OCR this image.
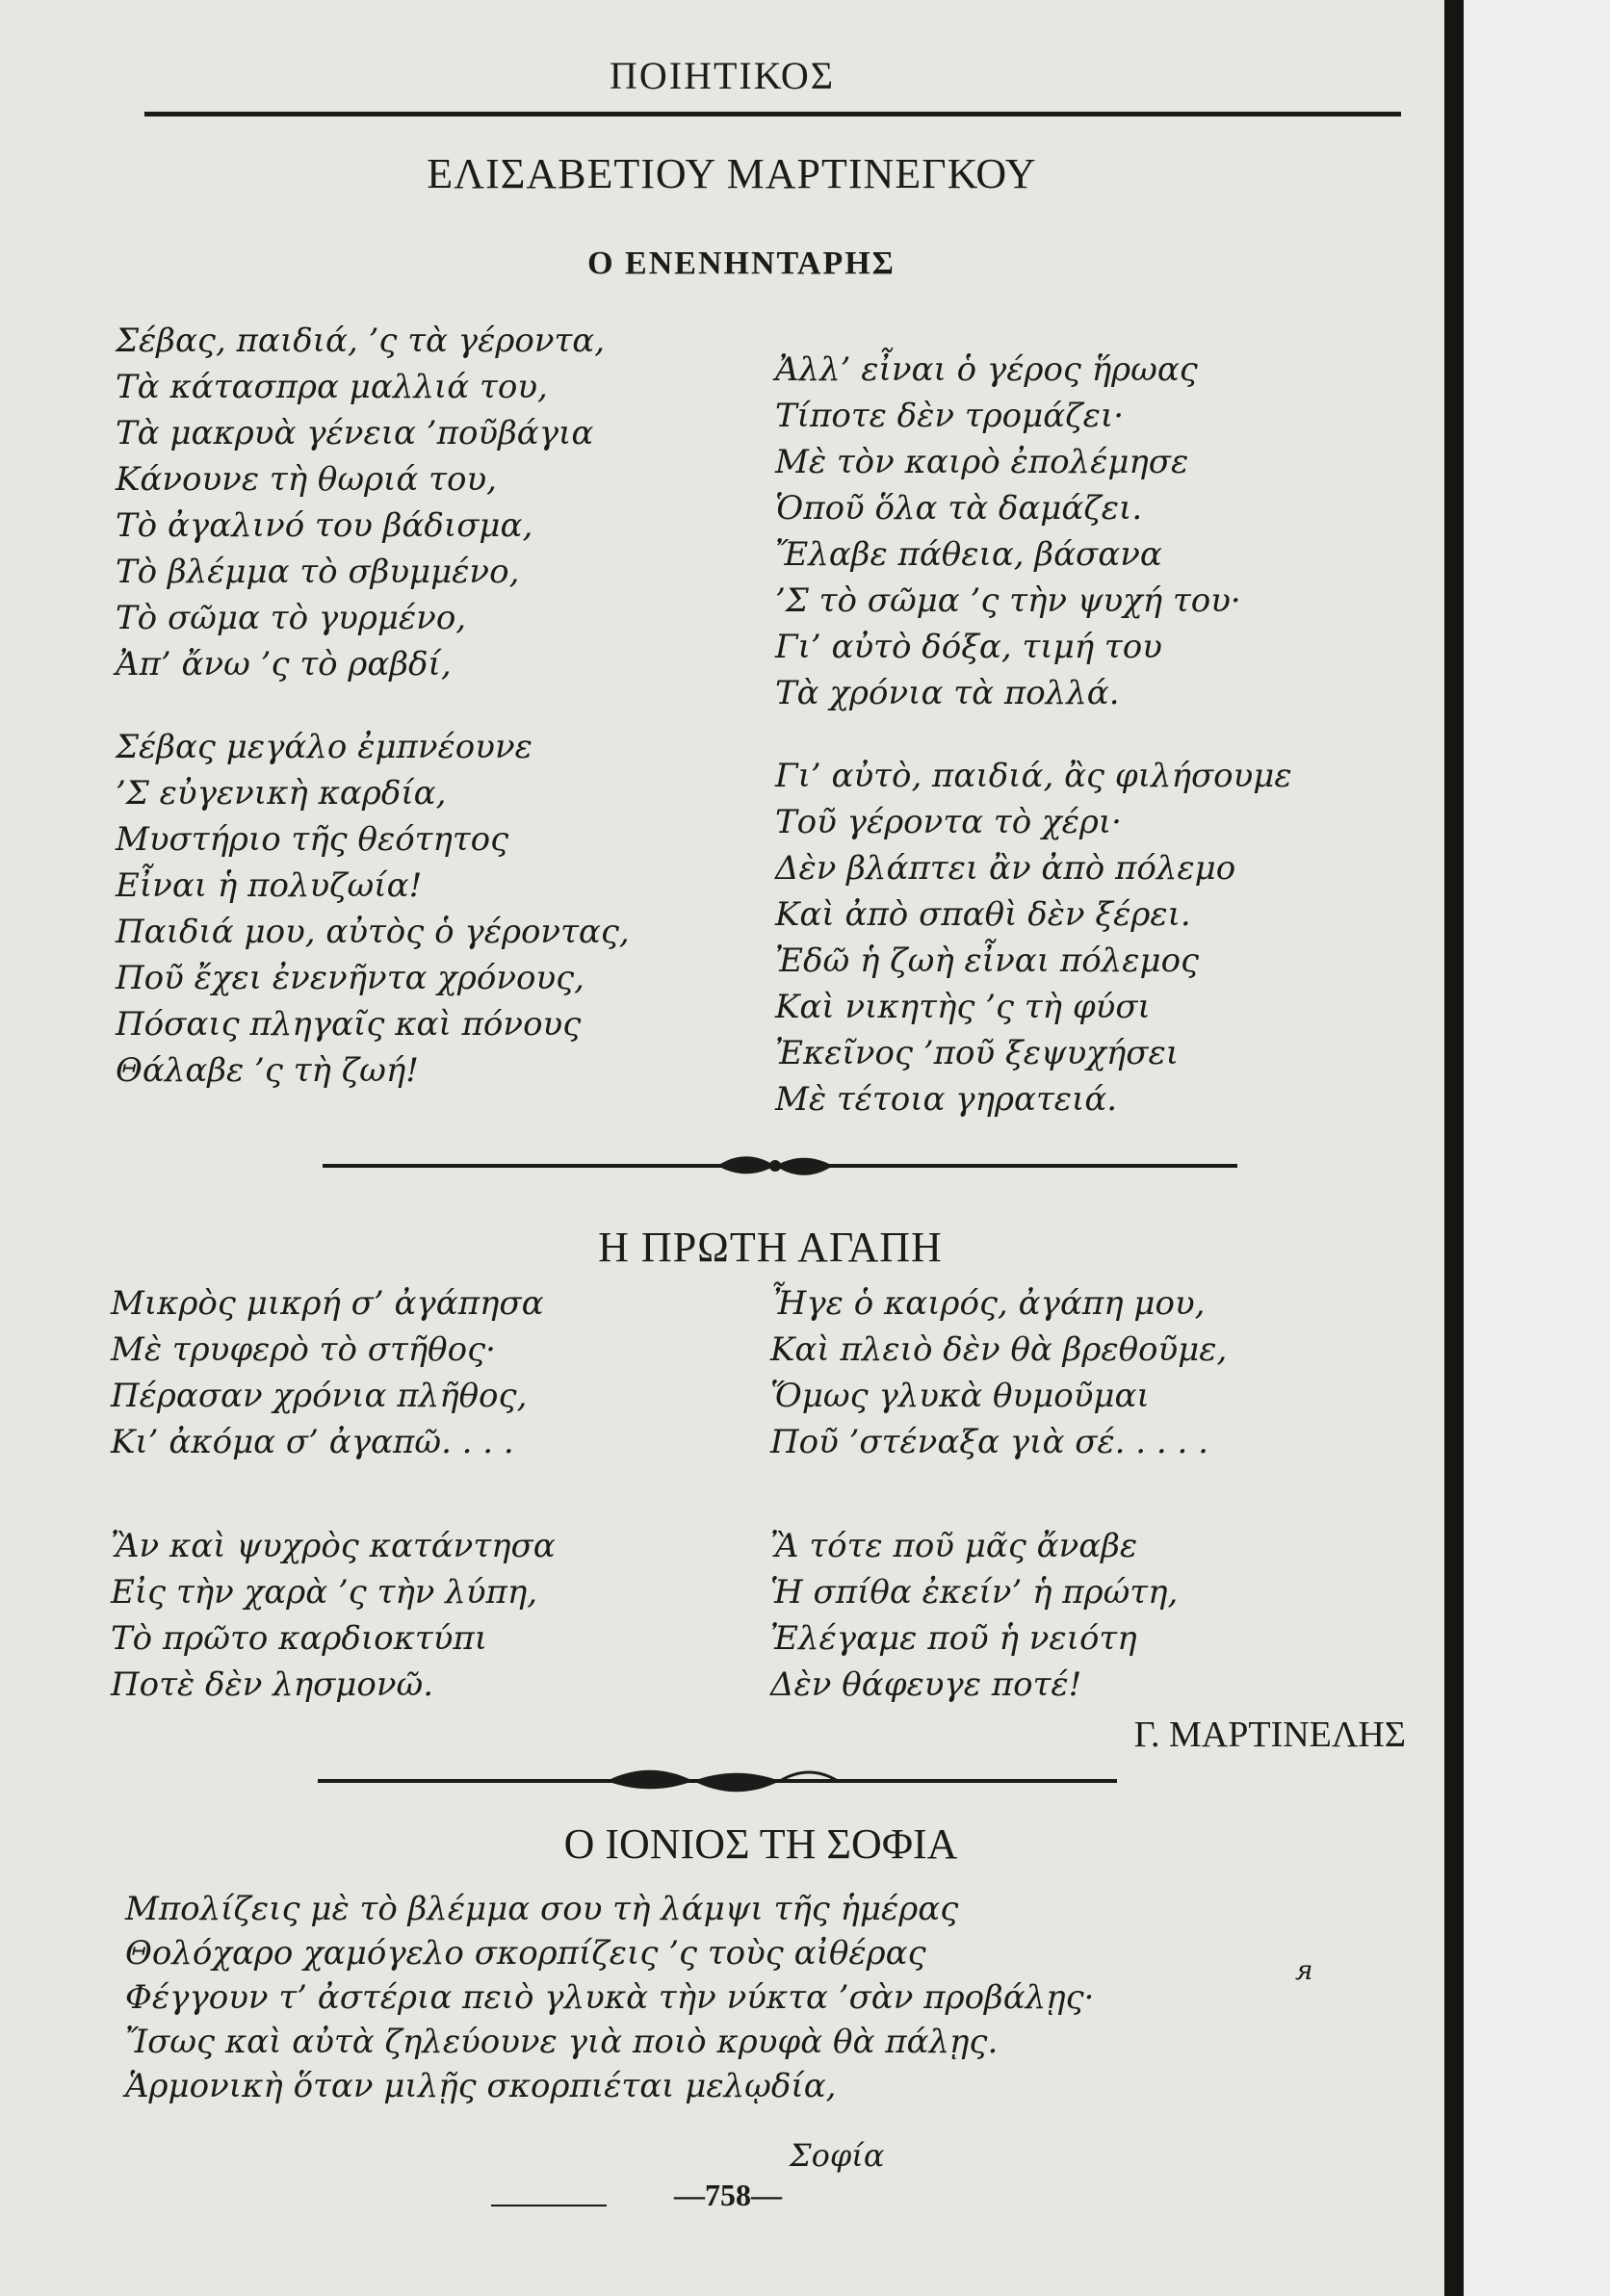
ΠΟΙΗΤΙΚΟΣ
ΕΛΙΣΑΒΕΤΙΟΥ ΜΑΡΤΙΝΕΓΚΟΥ
Ο ΕΝΕΝΗΝΤΑΡΗΣ
Σέβας, παιδιά, ’ς τὰ γέροντα,
Τὰ κάτασπρα μαλλιά του,
Τὰ μακρυὰ γένεια ’ποῦβάγια
Κάνουνε τὴ θωριά του,
Τὸ ἀγαλινό του βάδισμα,
Τὸ βλέμμα τὸ σβυμμένο,
Τὸ σῶμα τὸ γυρμένο,
Ἀπ’ ἄνω ’ς τὸ ραβδί,
Σέβας μεγάλο ἐμπνέουνε
’Σ εὐγενικὴ καρδία,
Μυστήριο τῆς θεότητος
Εἶναι ἡ πολυζωία!
Παιδιά μου, αὐτὸς ὁ γέροντας,
Ποῦ ἔχει ἐνενῆντα χρόνους,
Πόσαις πληγαῖς καὶ πόνους
Θάλαβε ’ς τὴ ζωή!
Ἀλλ’ εἶναι ὁ γέρος ἥρωας
Τίποτε δὲν τρομάζει·
Μὲ τὸν καιρὸ ἐπολέμησε
Ὁποῦ ὅλα τὰ δαμάζει.
Ἔλαβε πάθεια, βάσανα
’Σ τὸ σῶμα ’ς τὴν ψυχή του·
Γι’ αὐτὸ δόξα, τιμή του
Τὰ χρόνια τὰ πολλά.
Γι’ αὐτὸ, παιδιά, ἂς φιλήσουμε
Τοῦ γέροντα τὸ χέρι·
Δὲν βλάπτει ἂν ἀπὸ πόλεμο
Καὶ ἀπὸ σπαθὶ δὲν ξέρει.
Ἐδῶ ἡ ζωὴ εἶναι πόλεμος
Καὶ νικητὴς ’ς τὴ φύσι
Ἐκεῖνος ’ποῦ ξεψυχήσει
Μὲ τέτοια γηρατειά.
Η ΠΡΩΤΗ ΑΓΑΠΗ
Μικρὸς μικρή σ’ ἀγάπησα
Μὲ τρυφερὸ τὸ στῆθος·
Πέρασαν χρόνια πλῆθος,
Κι’ ἀκόμα σ’ ἀγαπῶ. . . .
Ἂν καὶ ψυχρὸς κατάντησα
Εἰς τὴν χαρὰ ’ς τὴν λύπη,
Τὸ πρῶτο καρδιοκτύπι
Ποτὲ δὲν λησμονῶ.
Ἦγε ὁ καιρός, ἀγάπη μου,
Καὶ πλειὸ δὲν θὰ βρεθοῦμε,
Ὅμως γλυκὰ θυμοῦμαι
Ποῦ ’στέναξα γιὰ σέ. . . . .
Ἂ τότε ποῦ μᾶς ἄναβε
Ἡ σπίθα ἐκείν’ ἡ πρώτη,
Ἐλέγαμε ποῦ ἡ νειότη
Δὲν θάφευγε ποτέ!
Γ. ΜΑΡΤΙΝΕΛΗΣ
Ο ΙΟΝΙΟΣ ΤΗ ΣΟΦΙΑ
Μπολίζεις μὲ τὸ βλέμμα σου τὴ λάμψι τῆς ἡμέρας
Θολόχαρο χαμόγελο σκορπίζεις ’ς τοὺς αἰθέρας
Φέγγουν τ’ ἀστέρια πειὸ γλυκὰ τὴν νύκτα ’σὰν προβάλῃς·
Ἴσως καὶ αὐτὰ ζηλεύουνε γιὰ ποιὸ κρυφὰ θὰ πάλῃς.
Ἁρμονικὴ ὅταν μιλῇς σκορπιέται μελῳδία,
я
Σοφία
—758—
